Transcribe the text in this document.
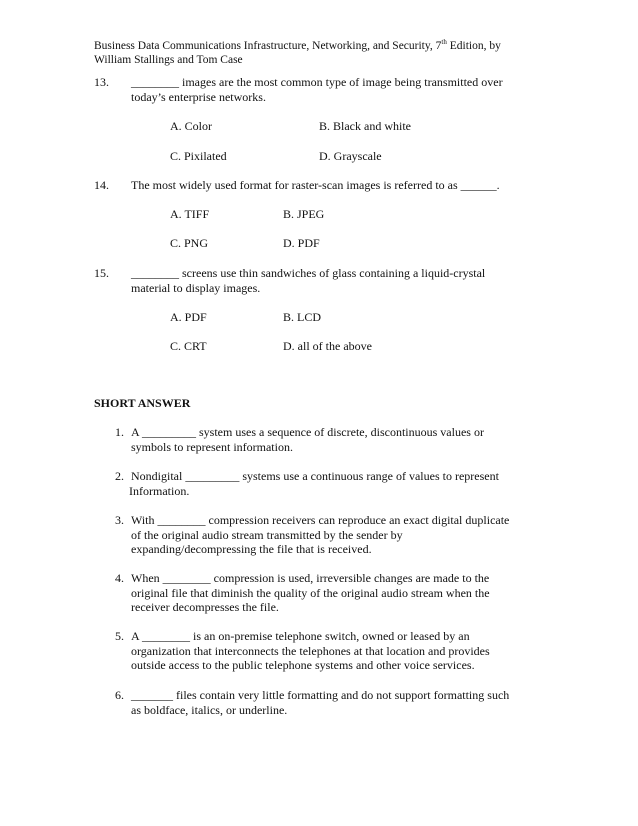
Business Data Communications Infrastructure, Networking, and Security, 7th Edition, by
William Stallings and Tom Case
13. ________ images are the most common type of image being transmitted over
today’s enterprise networks.
A. Color	B. Black and white
C. Pixilated	D. Grayscale
14. The most widely used format for raster-scan images is referred to as ______.
A. TIFF	B. JPEG
C. PNG	D. PDF
15. ________ screens use thin sandwiches of glass containing a liquid-crystal
material to display images.
A. PDF	B. LCD
C. CRT	D. all of the above
SHORT ANSWER
1. A _________ system uses a sequence of discrete, discontinuous values or
symbols to represent information.
2. Nondigital _________ systems use a continuous range of values to represent
Information.
3. With ________ compression receivers can reproduce an exact digital duplicate
of the original audio stream transmitted by the sender by
expanding/decompressing the file that is received.
4. When ________ compression is used, irreversible changes are made to the
original file that diminish the quality of the original audio stream when the
receiver decompresses the file.
5. A ________ is an on-premise telephone switch, owned or leased by an
organization that interconnects the telephones at that location and provides
outside access to the public telephone systems and other voice services.
6. _______ files contain very little formatting and do not support formatting such
as boldface, italics, or underline.
